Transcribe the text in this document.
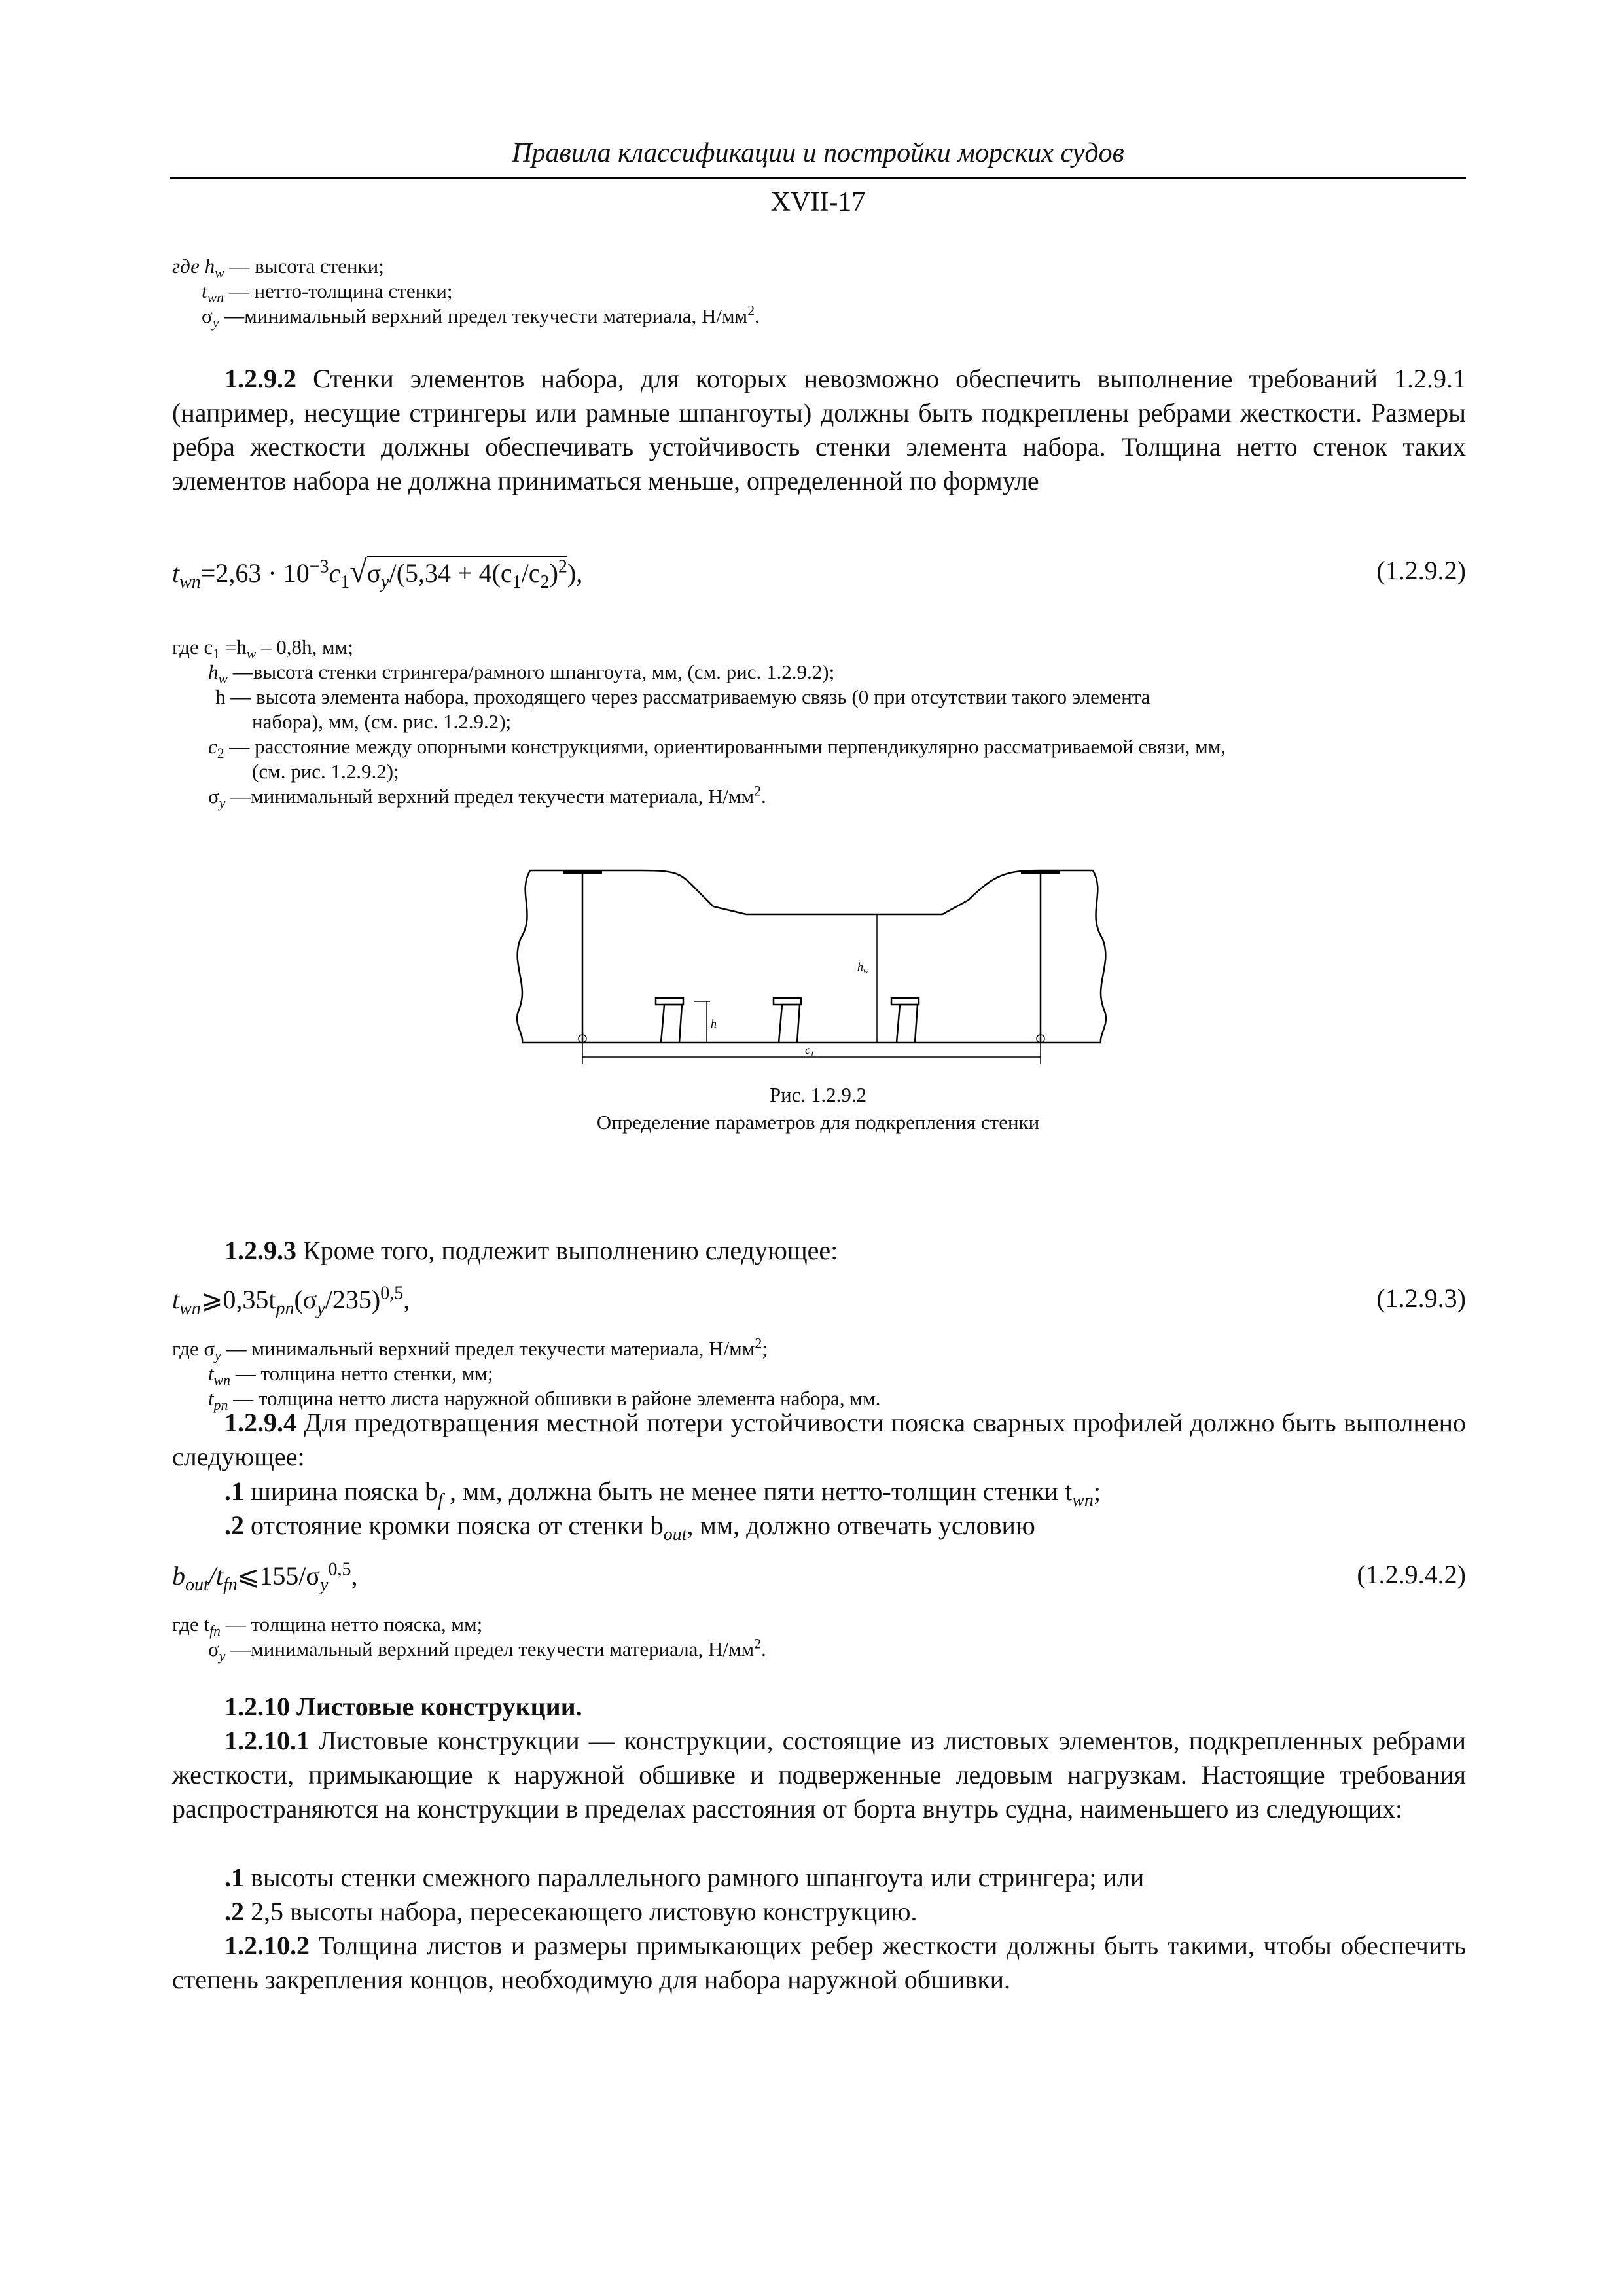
Правила классификации и постройки морских судов
XVII-17
где $h_w$ — высота стенки;
$t_{wn}$ — нетто-толщина стенки;
$\sigma_y$ —минимальный верхний предел текучести материала, $Н/мм^2$.
1.2.9.2 Стенки элементов набора, для которых невозможно обеспечить выполнение требований 1.2.9.1 (например, несущие стрингеры или рамные шпангоуты) должны быть подкреплены ребрами жесткости. Размеры ребра жесткости должны обеспечивать устойчивость стенки элемента набора. Толщина нетто стенок таких элементов набора не должна приниматься меньше, определенной по формуле
$t_{wn}=2,63 \cdot 10^{-3}c_1√\sigma_y/(5,34 + 4(c_1/c_2)^2)$,	(1.2.9.2)
где $c_1 =h_w - 0,8h$, мм;
$h_w$ —высота стенки стрингера/рамного шпангоута, мм, (см. рис. 1.2.9.2);
h — высота элемента набора, проходящего через рассматриваемую связь (0 при отсутствии такого элемента
набора), мм, (см. рис. 1.2.9.2);
$c_2$ — расстояние между опорными конструкциями, ориентированными перпендикулярно рассматриваемой связи, мм,
(см. рис. 1.2.9.2);
$\sigma_y$ —минимальный верхний предел текучести материала, $Н/мм^2$.
h
$h_w$
$c_1$
Рис. 1.2.9.2
Определение параметров для подкрепления стенки
1.2.9.3 Кроме того, подлежит выполнению следующее:
$t_{wn}⩾0,35t_{pn}(\sigma_y/235)^{0,5}$,	(1.2.9.3)
где $\sigma_y$ — минимальный верхний предел текучести материала, $Н/мм^2$;
$t_{wn}$ — толщина нетто стенки, мм;
$t_{pn}$ — толщина нетто листа наружной обшивки в районе элемента набора, мм.
1.2.9.4 Для предотвращения местной потери устойчивости пояска сварных профилей должно быть выполнено следующее:
.1 ширина пояска $b_f$ , мм, должна быть не менее пяти нетто-толщин стенки $t_{wn}$;
.2 отстояние кромки пояска от стенки $b_{out}$, мм, должно отвечать условию
$b_{out}/t_{fn}⩽155/\sigma_y^{0,5}$,	(1.2.9.4.2)
где $t_{fn}$ — толщина нетто пояска, мм;
$\sigma_y$ —минимальный верхний предел текучести материала, $Н/мм^2$.
1.2.10 Листовые конструкции.
1.2.10.1 Листовые конструкции — конструкции, состоящие из листовых элементов, подкрепленных ребрами жесткости, примыкающие к наружной обшивке и подверженные ледовым нагрузкам. Настоящие требования распространяются на конструкции в пределах расстояния от борта внутрь судна, наименьшего из следующих:
.1 высоты стенки смежного параллельного рамного шпангоута или стрингера; или
.2 2,5 высоты набора, пересекающего листовую конструкцию.
1.2.10.2 Толщина листов и размеры примыкающих ребер жесткости должны быть такими, чтобы обеспечить степень закрепления концов, необходимую для набора наружной обшивки.
